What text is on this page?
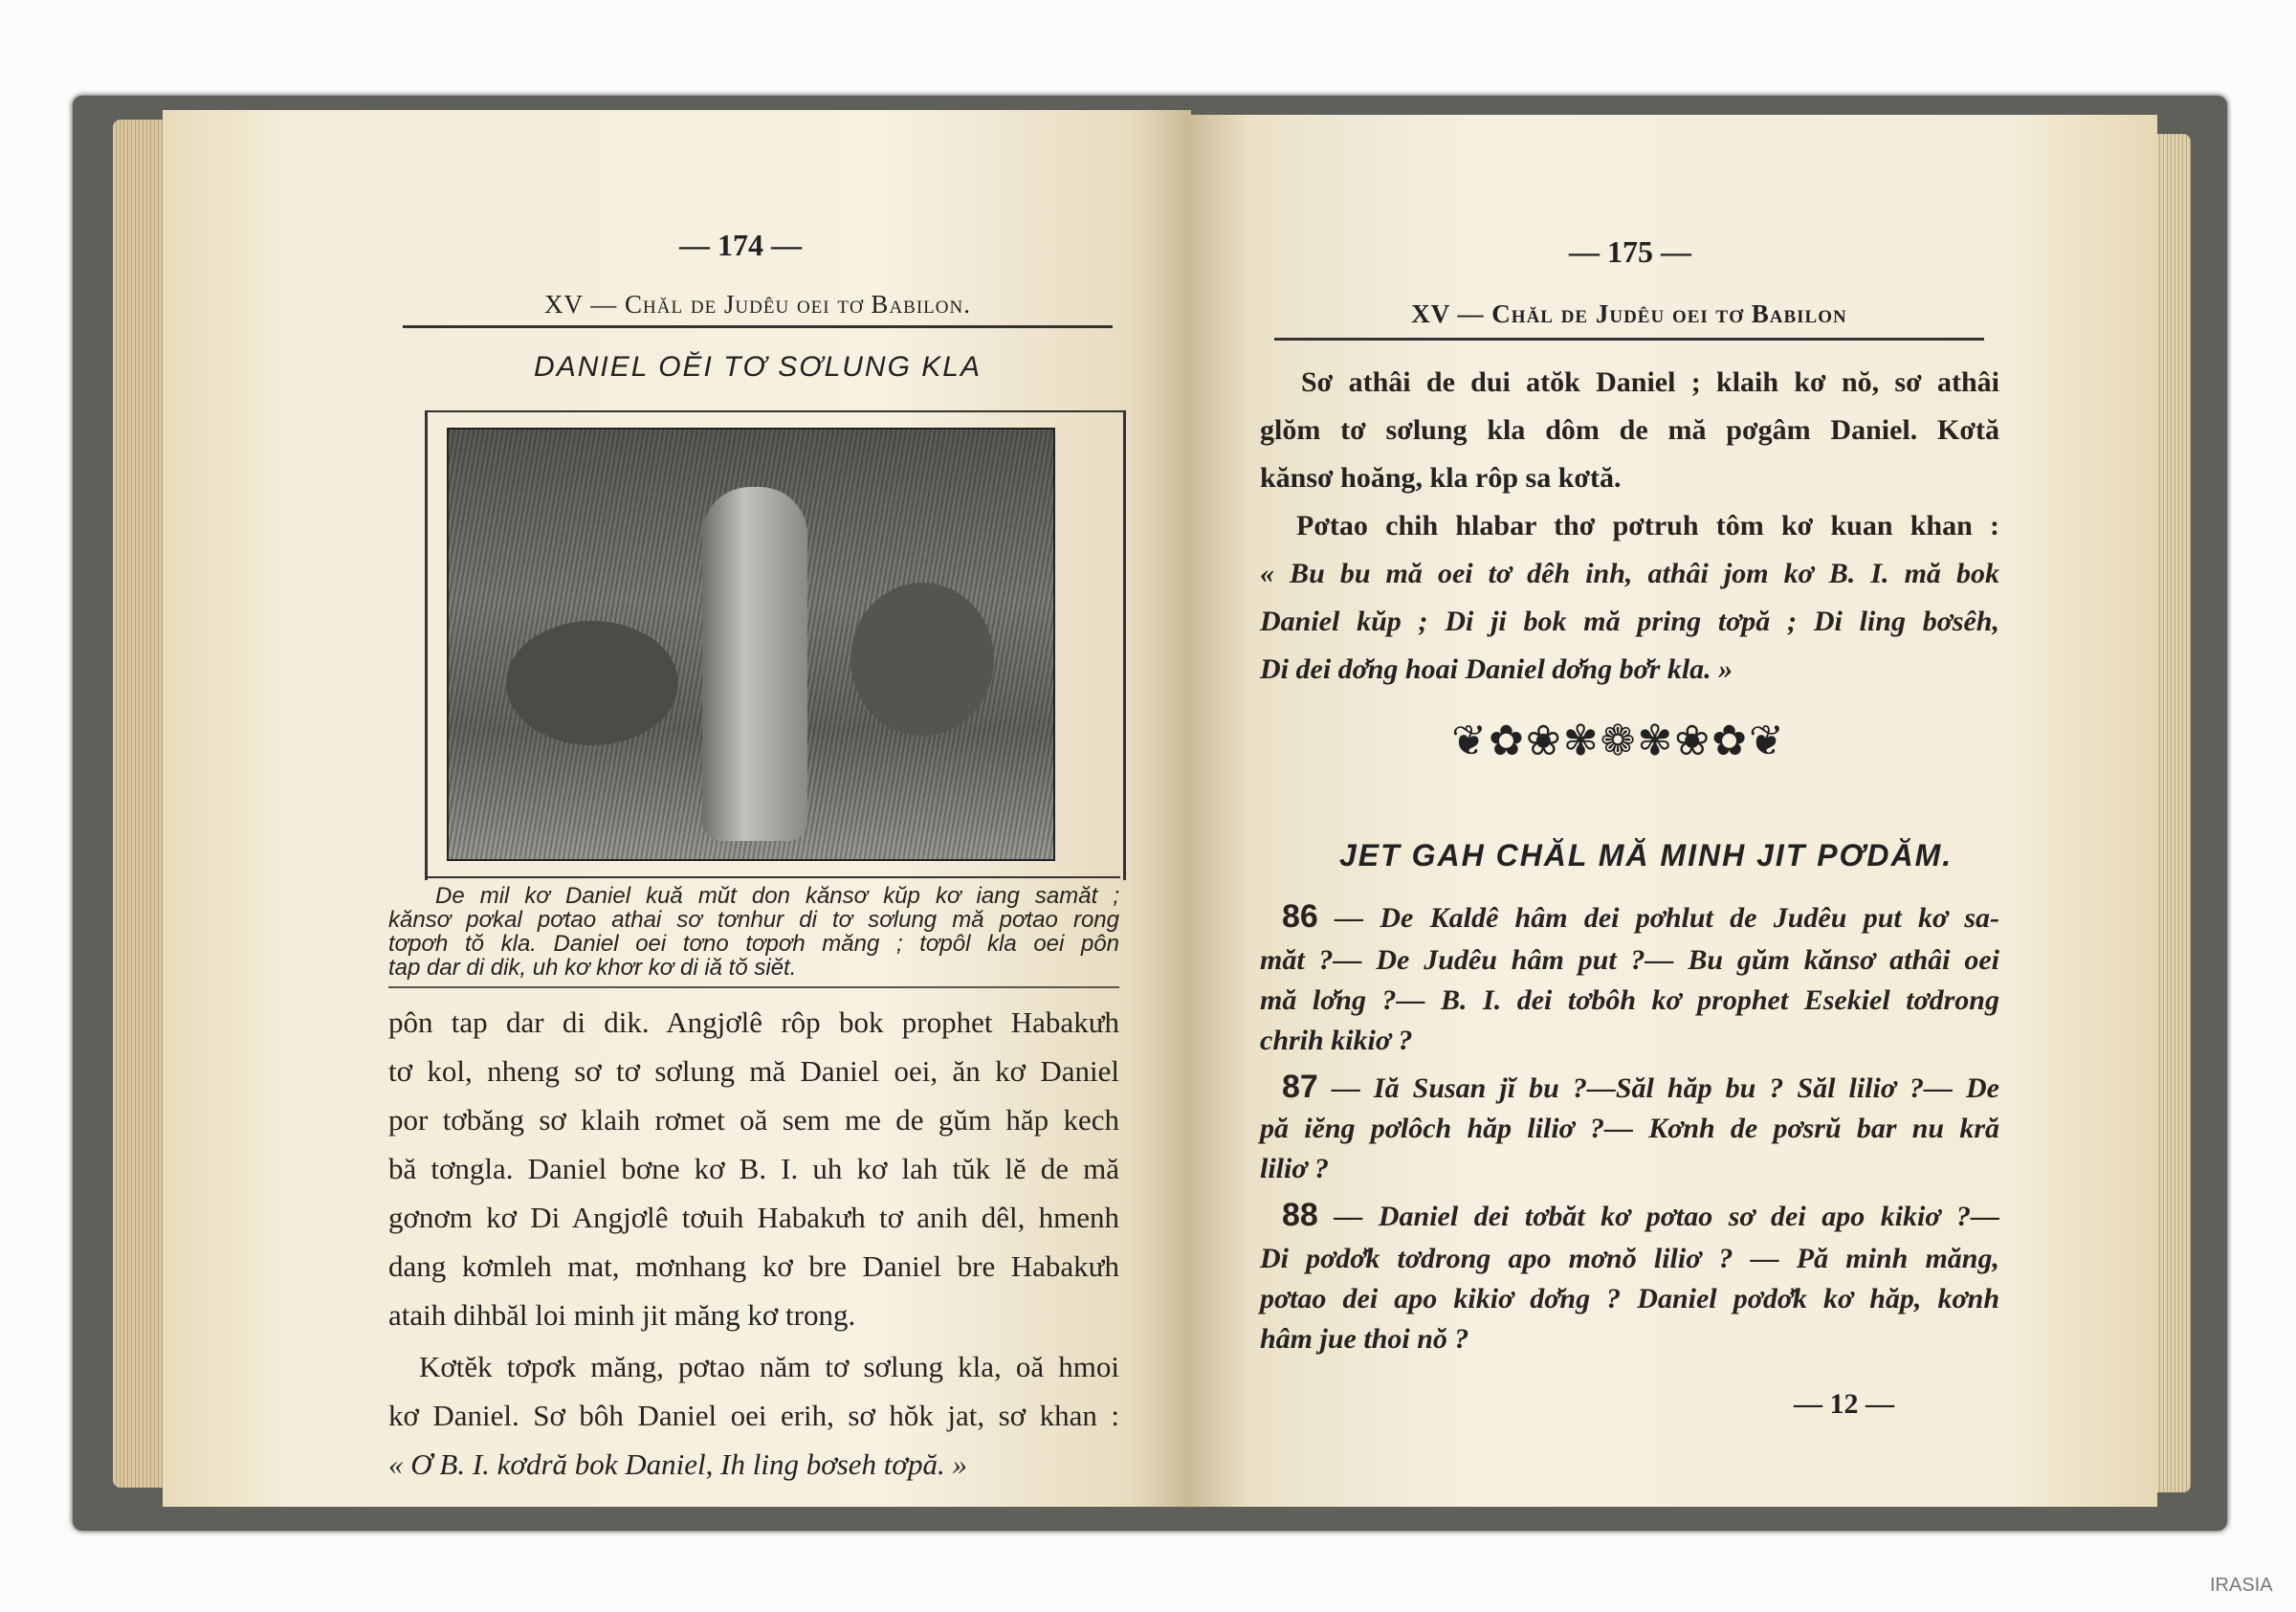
— 174 —
XV — Chăl de Judêu oei tơ Babilon.
DANIEL OĔI TƠ SƠLUNG KLA
De mil kơ Daniel kuă mŭt don kănsơ kŭp kơ iang samăt ;
kănsơ pơkal pơtao athai sơ tơnhur di tơ sơlung mă pơtao rong
tơpơh tŏ kla. Daniel oei tơno tơpơh măng ; tơpôl kla oei pôn
tap dar di dik, uh kơ khơr kơ di iă tŏ siĕt.
pôn tap dar di dik. Angjơlê rôp bok prophet Habakưh
tơ kol, nheng sơ tơ sơlung mă Daniel oei, ăn kơ Daniel
por tơbăng sơ klaih rơmet oă sem me de gŭm hăp kech
bă tơngla. Daniel bơne kơ B. I. uh kơ lah tŭk lĕ de mă
gơnơm kơ Di Angjơlê tơuih Habakưh tơ anih dêl, hmenh
dang kơmleh mat, mơnhang kơ bre Daniel bre Habakưh
ataih dihbăl loi minh jit măng kơ trong.
Kơtĕk tơpơk măng, pơtao năm tơ sơlung kla, oă hmoi
kơ Daniel. Sơ bôh Daniel oei erih, sơ hŏk jat, sơ khan :
« Ơ B. I. kơdră bok Daniel, Ih ling bơseh tơpă. »
— 175 —
XV — Chăl de Judêu oei tơ Babilon
Sơ athâi de dui atŏk Daniel ; klaih kơ nŏ, sơ athâi
glŏm tơ sơlung kla dôm de mă pơgâm Daniel. Kơtă
kănsơ hoăng, kla rôp sa kơtă.
Pơtao chih hlabar thơ pơtruh tôm kơ kuan khan :
« Bu bu mă oei tơ dêh inh, athâi jom kơ B. I. mă bok
Daniel kŭp ; Di ji bok mă pring tơpă ; Di ling bơsêh,
Di dei dơ̆ng hoai Daniel dơ̆ng bơ̆r kla. »
❦✿❀✾❁✾❀✿❦
JET GAH CHĂL MĂ MINH JIT PƠDĂM.
86 — De Kaldê hâm dei pơhlut de Judêu put kơ sa-
măt ?— De Judêu hâm put ?— Bu gŭm kănsơ athâi oei
mă lơ̆ng ?— B. I. dei tơbôh kơ prophet Esekiel tơdrong
chrih kikiơ ?
87 — Iă Susan jĭ bu ?—Săl hăp bu ? Săl liliơ ?— De
pă iĕng pơlôch hăp liliơ ?— Kơnh de pơsrŭ bar nu kră
liliơ ?
88 — Daniel dei tơbăt kơ pơtao sơ dei apo kikiơ ?—
Di pơdơ̆k tơdrong apo mơnŏ liliơ ? — Pă minh măng,
pơtao dei apo kikiơ dơ̆ng ? Daniel pơdơ̆k kơ hăp, kơnh
hâm jue thoi nŏ ?
— 12 —
IRASIA
